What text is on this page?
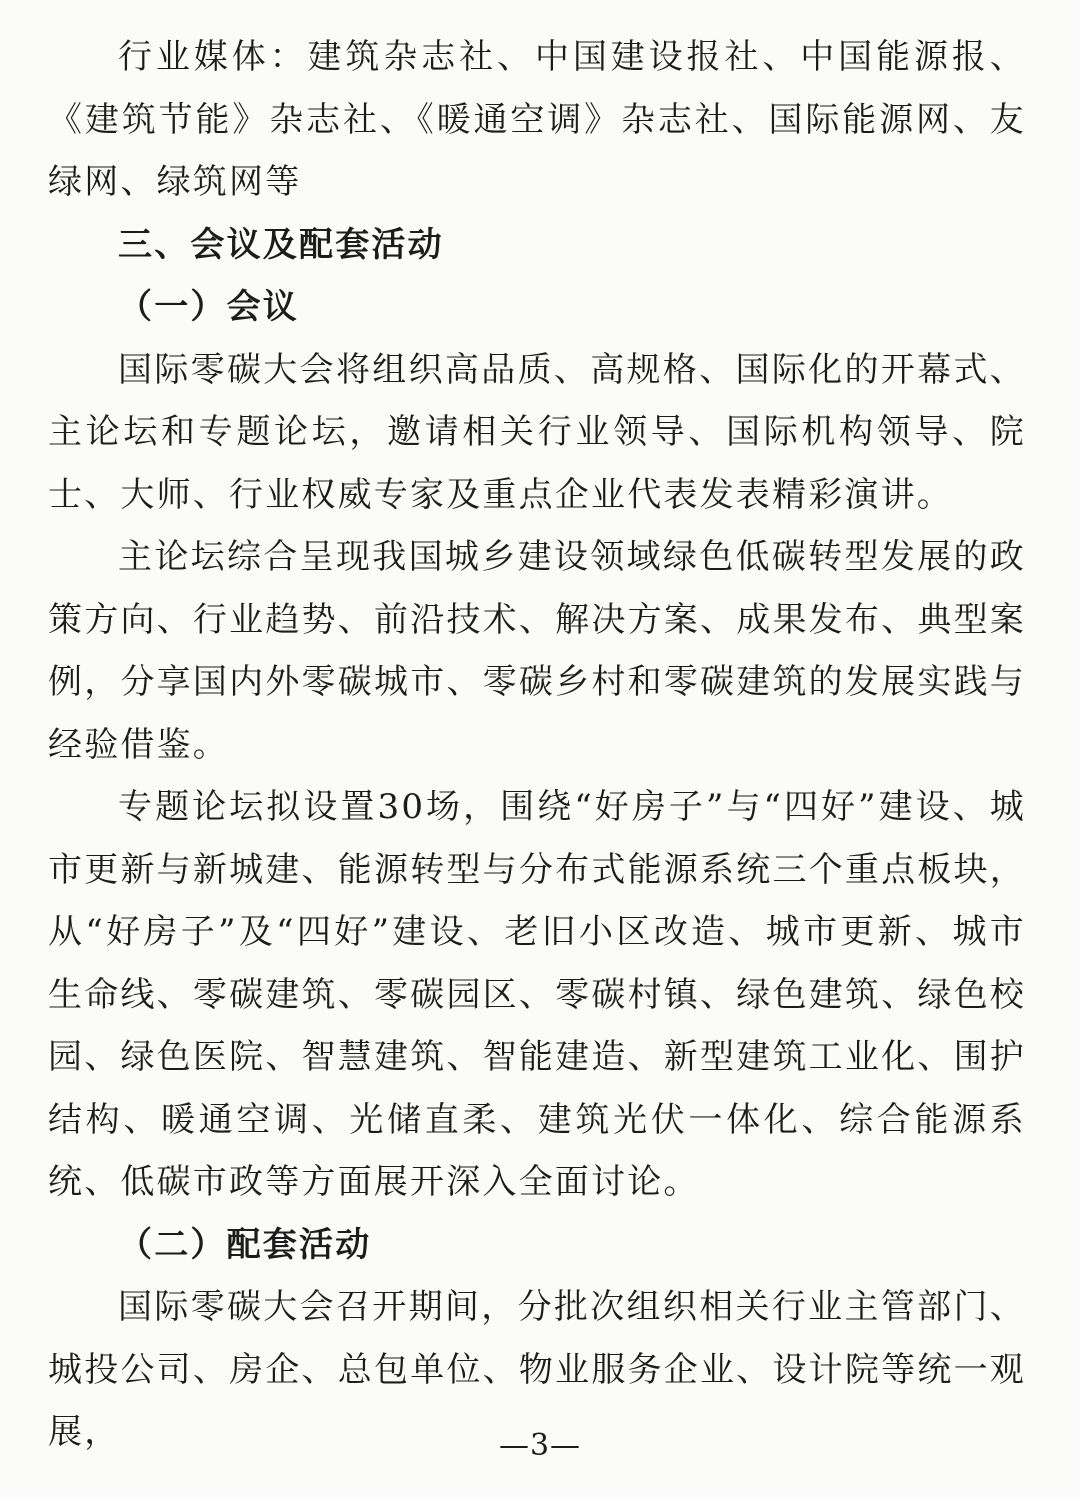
行业媒体：建筑杂志社、中国建设报社、中国能源报、《建筑节能》杂志社、《暖通空调》杂志社、国际能源网、友绿网、绿筑网等

三、会议及配套活动

（一）会议

国际零碳大会将组织高品质、高规格、国际化的开幕式、主论坛和专题论坛，邀请相关行业领导、国际机构领导、院士、大师、行业权威专家及重点企业代表发表精彩演讲。

主论坛综合呈现我国城乡建设领域绿色低碳转型发展的政策方向、行业趋势、前沿技术、解决方案、成果发布、典型案例，分享国内外零碳城市、零碳乡村和零碳建筑的发展实践与经验借鉴。

专题论坛拟设置30场，围绕“好房子”与“四好”建设、城市更新与新城建、能源转型与分布式能源系统三个重点板块，从“好房子”及“四好”建设、老旧小区改造、城市更新、城市生命线、零碳建筑、零碳园区、零碳村镇、绿色建筑、绿色校园、绿色医院、智慧建筑、智能建造、新型建筑工业化、围护结构、暖通空调、光储直柔、建筑光伏一体化、综合能源系统、低碳市政等方面展开深入全面讨论。

（二）配套活动

国际零碳大会召开期间，分批次组织相关行业主管部门、城投公司、房企、总包单位、物业服务企业、设计院等统一观展，	—3—
